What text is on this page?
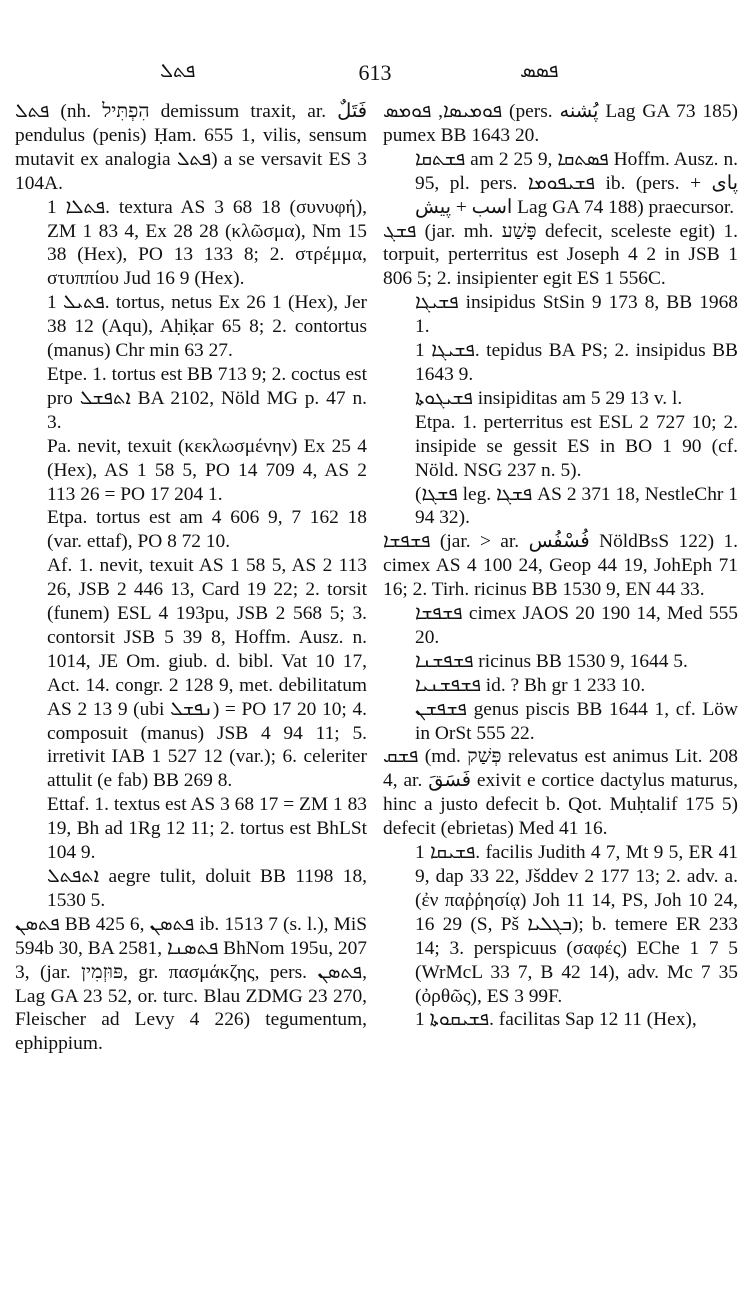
ܦܬܠ	613	ܦܣܣ

ܦܬܠ (nh. הִפְתִּיל demissum traxit, ar. فَتَلٌ pendulus (penis) Ḥam. 655 1, vilis, sensum mutavit ex analogia ܦܬܠ) a se versavit ES 3 104A.

ܦܬܠܐ 1. textura AS 3 68 18 (συνυφή), ZM 1 83 4, Ex 28 28 (κλῶσμα), Nm 15 38 (Hex), PO 13 133 8; 2. στρέμμα, στυππίου Jud 16 9 (Hex).

ܦܬܝܠ 1. tortus, netus Ex 26 1 (Hex), Jer 38 12 (Aqu), Aḥiḳar 65 8; 2. contortus (manus) Chr min 63 27.

Etpe. 1. tortus est BB 713 9; 2. coctus est pro ܐܬܦܫܠ BA 2102, Nöld MG p. 47 n. 3.

Pa. nevit, texuit (κεκλωσμένην) Ex 25 4 (Hex), AS 1 58 5, PO 14 709 4, AS 2 113 26 = PO 17 204 1.

Etpa. tortus est am 4 606 9, 7 162 18 (var. ettaf), PO 8 72 10.

Af. 1. nevit, texuit AS 1 58 5, AS 2 113 26, JSB 2 446 13, Card 19 22; 2. torsit (funem) ESL 4 193pu, JSB 2 568 5; 3. contorsit JSB 5 39 8, Hoffm. Ausz. n. 1014, JE Om. giub. d. bibl. Vat 10 17, Act. 14. congr. 2 128 9, met. debilitatum AS 2 13 9 (ubi ܢܦܫܠ) = PO 17 20 10; 4. composuit (manus) JSB 4 94 11; 5. irretivit IAB 1 527 12 (var.); 6. celeriter attulit (e fab) BB 269 8.

Ettaf. 1. textus est AS 3 68 17 = ZM 1 83 19, Bh ad 1Rg 12 11; 2. tortus est BhLSt 104 9.

ܐܬܦܬܠ aegre tulit, doluit BB 1198 18, 1530 5.

ܦܬܣܢ BB 425 6, ܦܬܣܢ ib. 1513 7 (s. l.), MiS 594b 30, BA 2581, ܦܬܣܢܐ BhNom 195u, 207 3, (jar. פּוּזְמִין, gr. πασμάκζης, pers. ܦܬܣܢ, Lag GA 23 52, or. turc. Blau ZDMG 23 270, Fleischer ad Levy 4 226) tegumentum, ephippium.

ܦܘܡܝܣܐ, ܦܘܡܣ (pers. پُشنه Lag GA 73 185) pumex BB 1643 20.

ܦܫܬܩܐ am 2 25 9, ܦܣܬܩܐ Hoffm. Ausz. n. 95, pl. pers. ܦܫܝܦܘܡܐ ib. (pers. پای + اسب + پیش Lag GA 74 188) praecursor.

ܦܫܓ (jar. mh. פָּשַׁע defecit, sceleste egit) 1. torpuit, perterritus est Joseph 4 2 in JSB 1 806 5; 2. insipienter egit ES 1 556C.

ܦܫܝܓܐ insipidus StSin 9 173 8, BB 1968 1.

ܦܫܝܓܐ 1. tepidus BA PS; 2. insipidus BB 1643 9.

ܦܫܝܓܘܬܐ insipiditas am 5 29 13 v. l.

Etpa. 1. perterritus est ESL 2 727 10; 2. insipide se gessit ES in BO 1 90 (cf. Nöld. NSG 237 n. 5).

(ܦܫܓܐ leg. ܦܫܓܐ AS 2 371 18, NestleChr 1 94 32).

ܦܫܦܫܐ (jar. > ar. فُسْفُس NöldBsS 122) 1. cimex AS 4 100 24, Geop 44 19, JohEph 71 16; 2. Tirh. ricinus BB 1530 9, EN 44 33.

ܦܫܦܫܐ cimex JAOS 20 190 14, Med 555 20.

ܦܫܦܫܢܐ ricinus BB 1530 9, 1644 5.

ܦܫܦܫܢܝܐ id. ? Bh gr 1 233 10.

ܦܫܦܫܢ genus piscis BB 1644 1, cf. Löw in OrSt 555 22.

ܦܫܩ (md. פְּשַׁק relevatus est animus Lit. 208 4, ar. فَسَقَ exivit e cortice dactylus maturus, hinc a justo defecit b. Qot. Muḥtalif 175 5) defecit (ebrietas) Med 41 16.

ܦܫܝܩܐ 1. facilis Judith 4 7, Mt 9 5, ER 41 9, dap 33 22, Jšddev 2 177 13; 2. adv. a. (ἐν παῤῥησίᾳ) Joh 11 14, PS, Joh 10 24, 16 29 (S, Pš ܒܓܠܝܐ); b. temere ER 233 14; 3. perspicuus (σαφές) EChe 1 7 5 (WrMcL 33 7, B 42 14), adv. Mc 7 35 (ὀρθῶς), ES 3 99F.

ܦܫܝܩܘܬܐ 1. facilitas Sap 12 11 (Hex),
